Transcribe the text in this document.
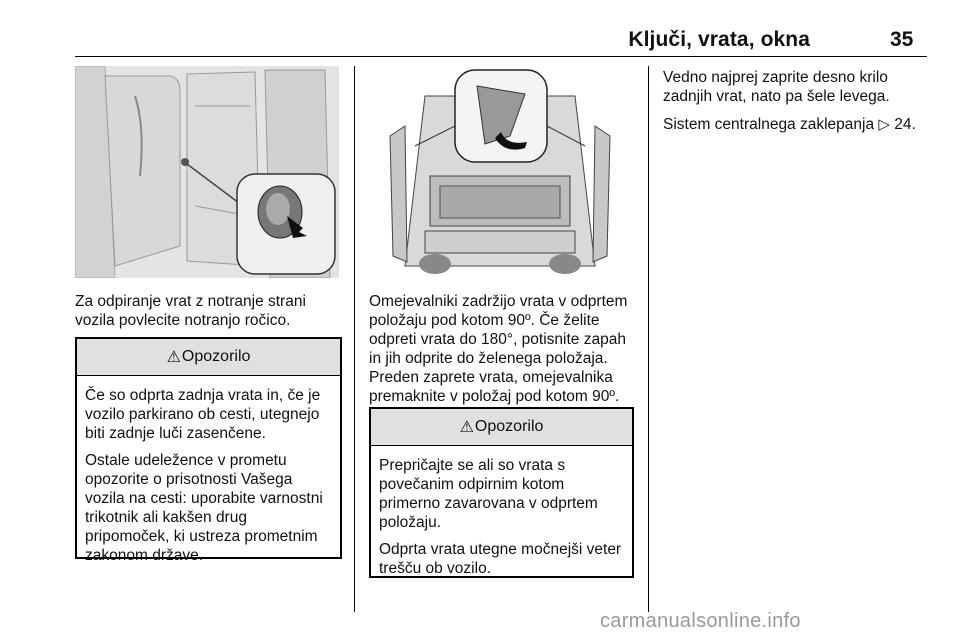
Ključi, vrata, okna	35

Za odpiranje vrat z notranje strani vozila povlecite notranjo ročico.

⚠ Opozorilo

Če so odprta zadnja vrata in, če je vozilo parkirano ob cesti, utegnejo biti zadnje luči zasenčene.

Ostale udeležence v prometu opozorite o prisotnosti Vašega vozila na cesti: uporabite varnostni trikotnik ali kakšen drug pripomoček, ki ustreza prometnim zakonom države.

Omejevalniki zadržijo vrata v odprtem položaju pod kotom 90º. Če želite odpreti vrata do 180°, potisnite zapah in jih odprite do želenega položaja. Preden zaprete vrata, omejevalnika premaknite v položaj pod kotom 90º.

⚠ Opozorilo

Prepričajte se ali so vrata s povečanim odpirnim kotom primerno zavarovana v odprtem položaju.

Odprta vrata utegne močnejši veter trešču ob vozilo.

Vedno najprej zaprite desno krilo zadnjih vrat, nato pa šele levega.

Sistem centralnega zaklepanja ▷ 24.

carmanualsonline.info
